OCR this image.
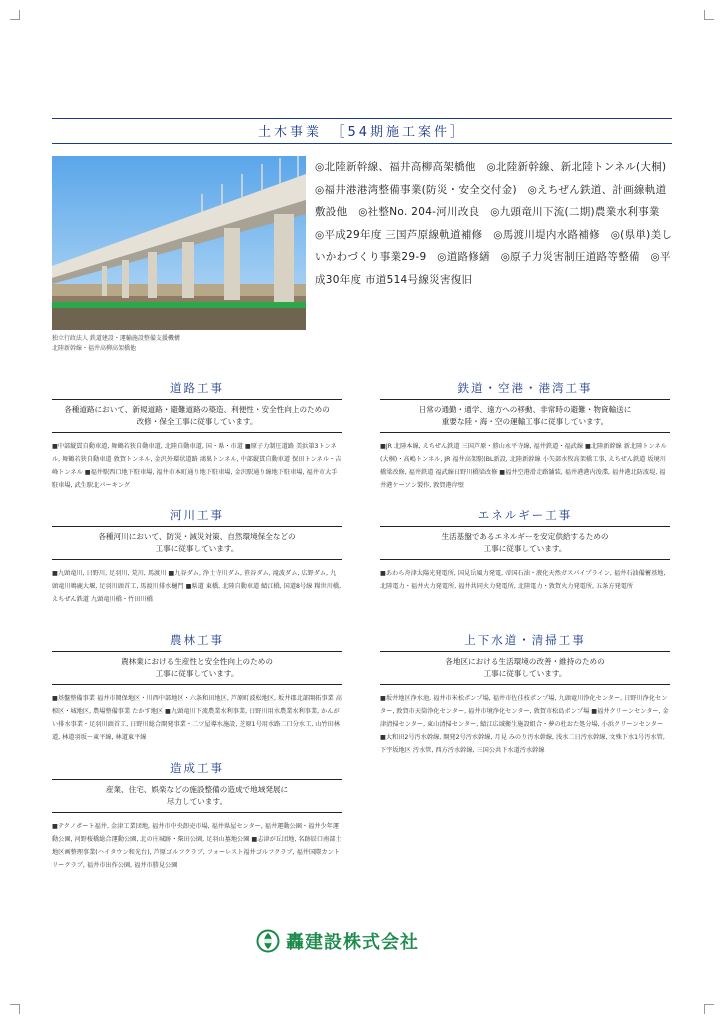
土木事業　［54期施工案件］
独立行政法人 鉄道建設・運輸施設整備支援機構
北陸新幹線・福井高柳高架橋他
◎北陸新幹線、福井高柳高架橋他　◎北陸新幹線、新北陸トンネル(大桐)　◎福井港港湾整備事業(防災・安全交付金)　◎えちぜん鉄道、計画線軌道敷設他　◎社整No. 204-河川改良　◎九頭竜川下流(二期)農業水利事業　◎平成29年度 三国芦原線軌道補修　◎馬渡川堤内水路補修　◎(県単)美しいかわづくり事業29-9　◎道路修繕　◎原子力災害制圧道路等整備　◎平成30年度 市道514号線災害復旧
道路工事
各種道路において、新規道路・避難道路の築造、利便性・安全性向上のための
改修・保全工事に従事しています。
■中部縦貫自動車道, 舞鶴若狭自動車道, 北陸自動車道, 国・県・市道 ■原子力制圧道路 美浜第3トンネル, 舞鶴若狭自動車道 敦賀トンネル, 金沢外環状道路 鴻巣トンネル, 中部縦貫自動車道 保田トンネル・吉峰トンネル ■福井駅西口地下駐車場, 福井市本町通り地下駐車場, 金沢駅通り線地下駐車場, 福井市大手駐車場, 武生駅北パーキング
鉄道・空港・港湾工事
日常の通勤・通学、遠方への移動、非常時の避難・物資輸送に
重要な陸・海・空の運輸工事に従事しています。
■JR 北陸本線, えちぜん鉄道 三国芦原・勝山永平寺線, 福井鉄道・福武線 ■北陸新幹線 新北陸トンネル(大桐)・高嶋トンネル, JR 福井高架駅(BL新設, 北陸新幹線 小矢部水牧高架橋工事, えちぜん鉄道 坂境川橋梁改修, 福井鉄道 福武線日野川橋梁改修 ■福井空港滑走路舗装, 福井港港内浚渫, 福井港北防波堤, 福井港ケーソン製作, 敦賀港岸壁
河川工事
各種河川において、防災・減災対策、自然環境保全などの
工事に従事しています。
■九頭竜川, 日野川, 足羽川, 荒川, 馬渡川 ■九谷ダム, 浄土寺川ダム, 笹谷ダム, 滝波ダム, 広野ダム, 九頭竜川鳴鹿大堰, 足羽川頭首工, 馬渡川排水樋門 ■県道 東橋, 北陸自動車道 鯖江橋, 国道8号線 糧世川橋, えちぜん鉄道 九頭竜川橋・竹田川橋
エネルギー工事
生活基盤であるエネルギーを安定供給するための
工事に従事しています。
■あわら舟津太陽光発電所, 国見岳風力発電, 帝国石油・液化天然ガスパイプライン, 福井石油備蓄基地, 北陸電力・福井火力発電所, 福井共同火力発電所, 北陸電力・敦賀火力発電所, 五条方発電所
農林工事
農林業における生産性と安全性向上のための
工事に従事しています。
■基盤整備事業 福井市岡保地区・川西中部地区・六条和田地区, 芦原町波松地区, 坂井郡北部開拓事業 高椋区・城地区, 農場整備事業 たかす地区 ■九頭竜川下流農業水利事業, 日野川用水農業水利事業, かんがい排水事業・足羽川頭首工, 日野川総合開発事業・二ツ屋導水施設, 芝原1号用水路二口分水工, 山竹田林道, 林道羽坂〜東平線, 林道東平線
上下水道・清掃工事
各地区における生活環境の改善・維持のための
工事に従事しています。
■坂井地区浄水池, 福井市米松ポンプ場, 福井市佐佳枝ポンプ場, 九頭竜川浄化センター, 日野川浄化センター, 敦賀市天筒浄化センター, 福井市境浄化センター, 敦賀市松島ポンプ場 ■福井クリーンセンター, 金津清掃センター, 東山清掃センター, 鯖江広域衛生施設組合・夢の杜おた処分場, 小浜クリーンセンター ■大和田2号汚水幹線, 開発2号汚水幹線, 月見 みのり汚水幹線, 浅水二日汚水幹線, 文殊下水1号汚水管, 下宇坂地区 汚水管, 西方汚水幹線, 三国公共下水道汚水幹線
造成工事
産業、住宅、娯楽などの施設整備の造成で地域発展に
尽力しています。
■テクノポート福井, 金津工業団地, 福井市中央卸売市場, 福井県屋センター, 福井運動公園・福井少年運動公園, 河野桜橋総合運動公園, 北の庄城跡・柴田公園, 足羽山墓地公園 ■志津が丘団地, 名跡辰口南部土地区画整理事業(ハイタウン和光台), 芦原ゴルフクラブ, フォーレスト福井ゴルフクラブ, 福井国際カントリークラブ, 福井市出作公園, 福井市勝見公園
轟建設株式会社
